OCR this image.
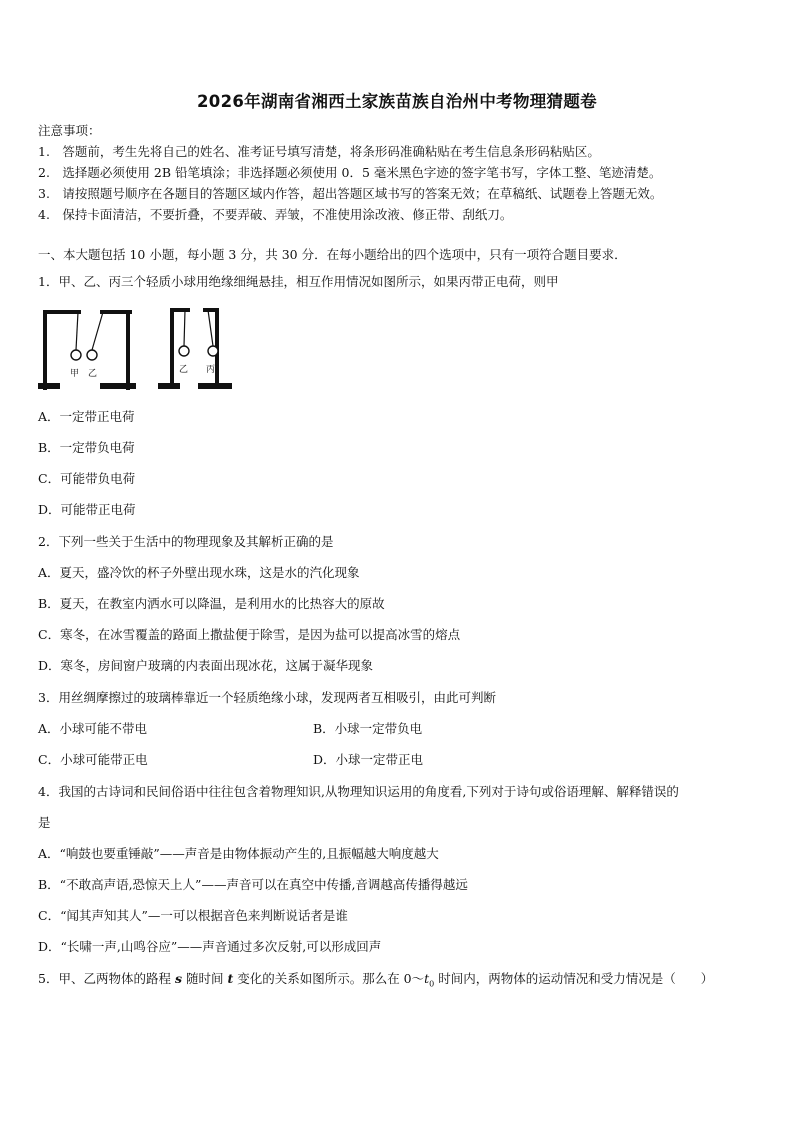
2026年湖南省湘西土家族苗族自治州中考物理猜题卷
注意事项：
1.　答题前，考生先将自己的姓名、准考证号填写清楚，将条形码准确粘贴在考生信息条形码粘贴区。
2.　选择题必须使用 2B 铅笔填涂；非选择题必须使用 0．5 毫米黑色字迹的签字笔书写，字体工整、笔迹清楚。
3.　请按照题号顺序在各题目的答题区域内作答，超出答题区域书写的答案无效；在草稿纸、试题卷上答题无效。
4.　保持卡面清洁，不要折叠，不要弄破、弄皱，不准使用涂改液、修正带、刮纸刀。
一、本大题包括 10 小题，每小题 3 分，共 30 分．在每小题给出的四个选项中，只有一项符合题目要求．
1．甲、乙、丙三个轻质小球用绝缘细绳悬挂，相互作用情况如图所示，如果丙带正电荷，则甲
甲 乙	乙 丙
A．一定带正电荷
B．一定带负电荷
C．可能带负电荷
D．可能带正电荷
2．下列一些关于生活中的物理现象及其解析正确的是
A．夏天，盛冷饮的杯子外壁出现水珠，这是水的汽化现象
B．夏天，在教室内洒水可以降温，是利用水的比热容大的原故
C．寒冬，在冰雪覆盖的路面上撒盐便于除雪，是因为盐可以提高冰雪的熔点
D．寒冬，房间窗户玻璃的内表面出现冰花，这属于凝华现象
3．用丝绸摩擦过的玻璃棒靠近一个轻质绝缘小球，发现两者互相吸引，由此可判断
A．小球可能不带电	B．小球一定带负电
C．小球可能带正电	D．小球一定带正电
4．我国的古诗词和民间俗语中往往包含着物理知识,从物理知识运用的角度看,下列对于诗句或俗语理解、解释错误的
是
A．“响鼓也要重锤敲”——声音是由物体振动产生的,且振幅越大响度越大
B．“不敢高声语,恐惊天上人”——声音可以在真空中传播,音调越高传播得越远
C．“闻其声知其人”—一可以根据音色来判断说话者是谁
D．“长啸一声,山鸣谷应”——声音通过多次反射,可以形成回声
5．甲、乙两物体的路程 s 随时间 t 变化的关系如图所示。那么在 $0\sim t_0$ 时间内，两物体的运动情况和受力情况是（　　）
